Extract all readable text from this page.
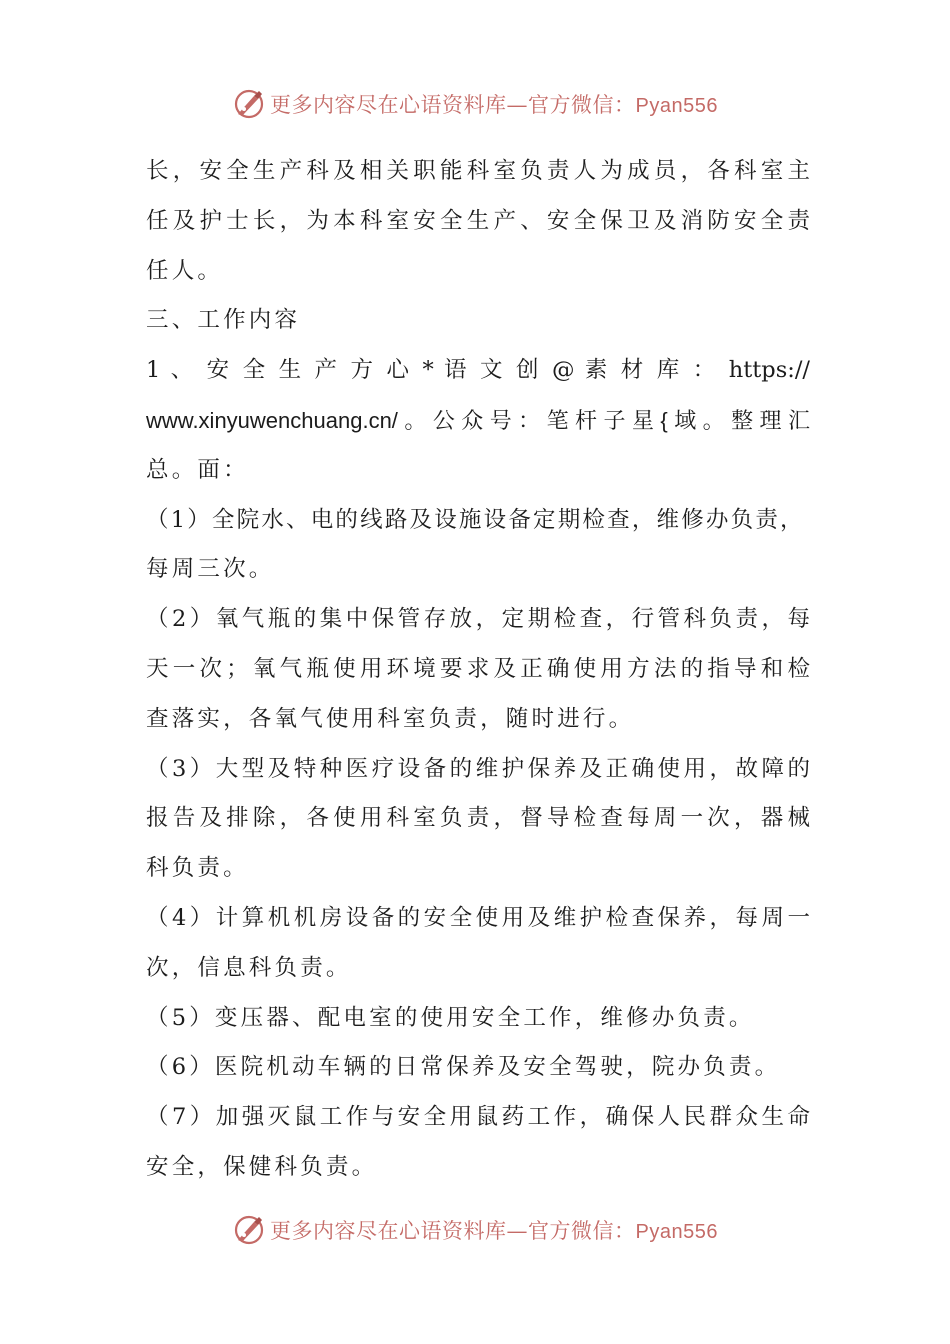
更多内容尽在心语资料库—官方微信：Pyan556
长，安全生产科及相关职能科室负责人为成员，各科室主
任及护士长，为本科室安全生产、安全保卫及消防安全责
任人。
三、工作内容
1 、 安 全 生 产 方 心 * 语 文 创 @ 素 材 库 ： https://
www.xinyuwenchuang.cn/。公众号：笔杆子星{域。整理汇
总。面：
（1）全院水、电的线路及设施设备定期检查，维修办负责，
每周三次。
（2）氧气瓶的集中保管存放，定期检查，行管科负责，每
天一次；氧气瓶使用环境要求及正确使用方法的指导和检
查落实，各氧气使用科室负责，随时进行。
（3）大型及特种医疗设备的维护保养及正确使用，故障的
报告及排除，各使用科室负责，督导检查每周一次，器械
科负责。
（4）计算机机房设备的安全使用及维护检查保养，每周一
次，信息科负责。
（5）变压器、配电室的使用安全工作，维修办负责。
（6）医院机动车辆的日常保养及安全驾驶，院办负责。
（7）加强灭鼠工作与安全用鼠药工作，确保人民群众生命
安全，保健科负责。
更多内容尽在心语资料库—官方微信：Pyan556
